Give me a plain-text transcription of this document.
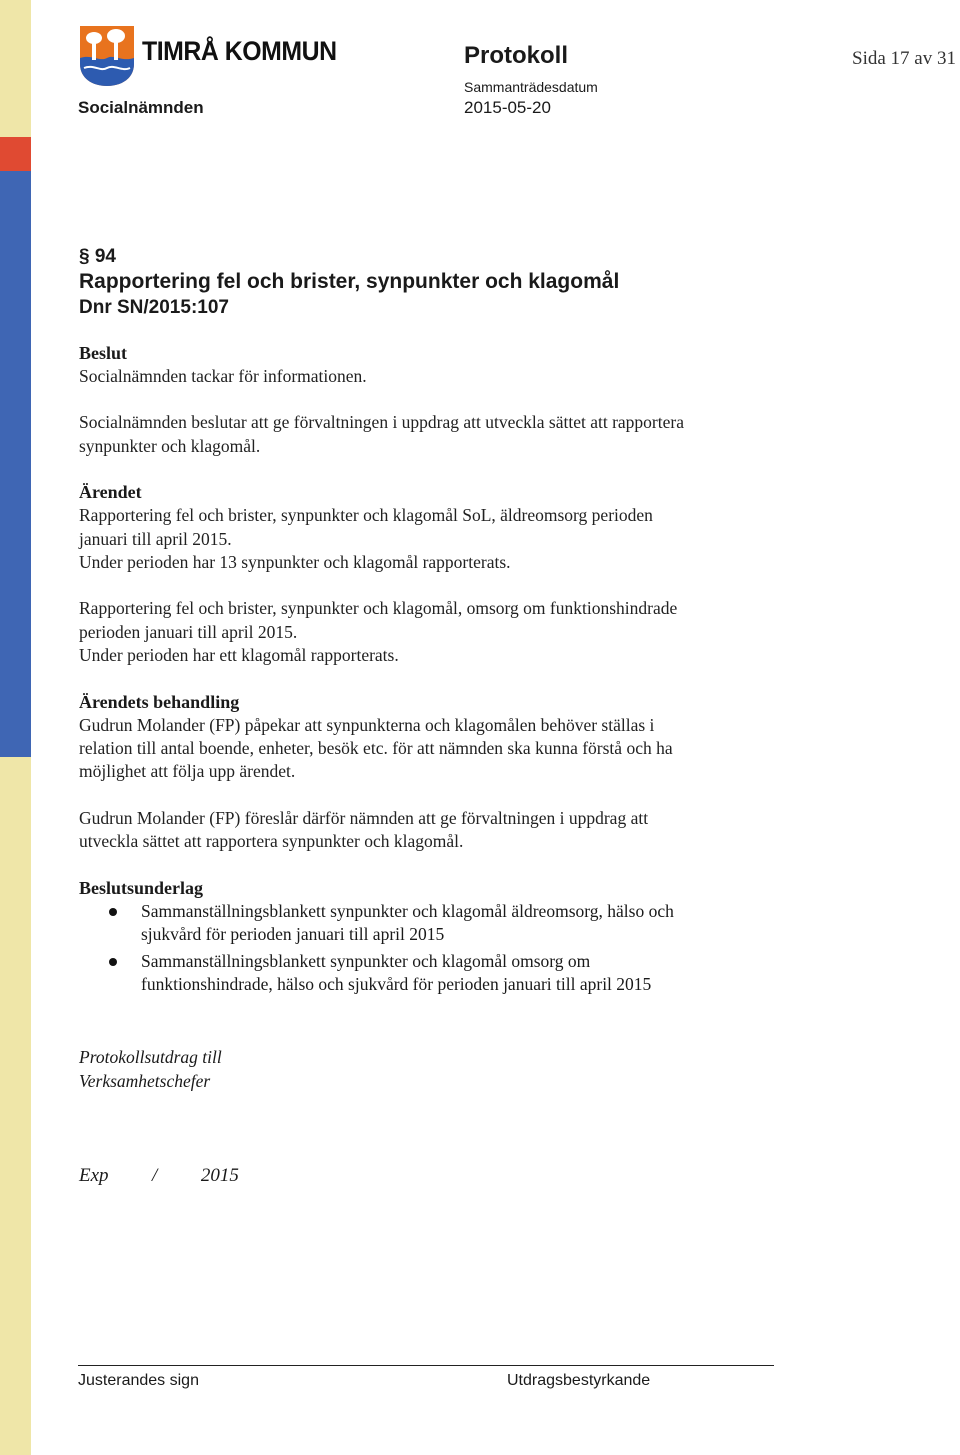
TIMRÅ KOMMUN	Protokoll	Sida 17 av 31
Sammanträdesdatum
2015-05-20
Socialnämnden
§ 94
Rapportering fel och brister, synpunkter och klagomål
Dnr SN/2015:107
Beslut
Socialnämnden tackar för informationen.
Socialnämnden beslutar att ge förvaltningen i uppdrag att utveckla sättet att rapportera
synpunkter och klagomål.
Ärendet
Rapportering fel och brister, synpunkter och klagomål SoL, äldreomsorg perioden
januari till april 2015.
Under perioden har 13 synpunkter och klagomål rapporterats.
Rapportering fel och brister, synpunkter och klagomål, omsorg om funktionshindrade
perioden januari till april 2015.
Under perioden har ett klagomål rapporterats.
Ärendets behandling
Gudrun Molander (FP) påpekar att synpunkterna och klagomålen behöver ställas i
relation till antal boende, enheter, besök etc. för att nämnden ska kunna förstå och ha
möjlighet att följa upp ärendet.
Gudrun Molander (FP) föreslår därför nämnden att ge förvaltningen i uppdrag att
utveckla sättet att rapportera synpunkter och klagomål.
Beslutsunderlag
Sammanställningsblankett synpunkter och klagomål äldreomsorg, hälso och
sjukvård för perioden januari till april 2015
Sammanställningsblankett synpunkter och klagomål omsorg om
funktionshindrade, hälso och sjukvård för perioden januari till april 2015
Protokollsutdrag till
Verksamhetschefer
Exp / 2015
Justerandes sign	Utdragsbestyrkande
